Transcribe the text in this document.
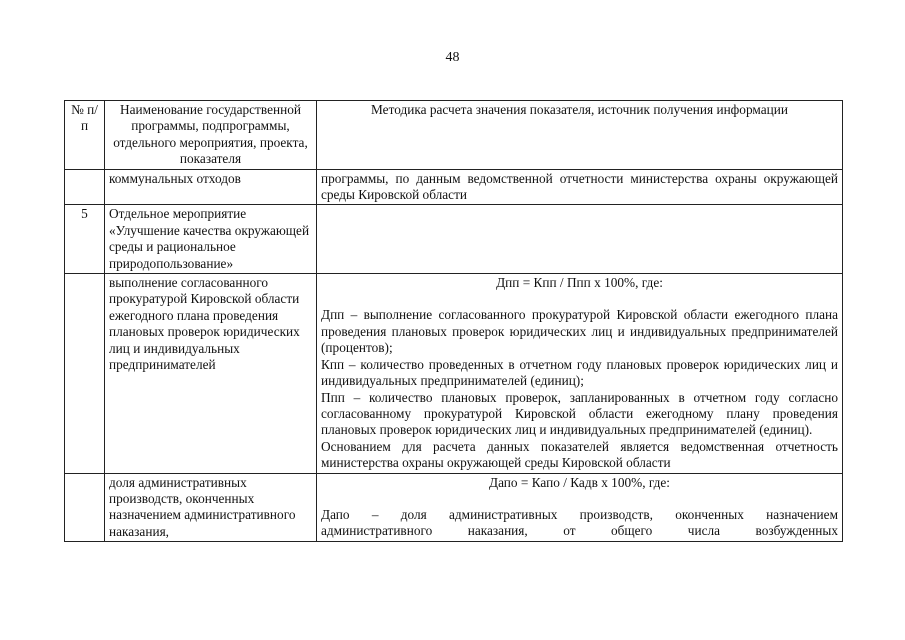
48
№ п/п	Наименование государственной программы, подпрограммы, отдельного мероприятия, проекта, показателя	Методика расчета значения показателя, источник получения информации
	коммунальных отходов	программы, по данным ведомственной отчетности министерства охраны окружающей среды Кировской области
5	Отдельное мероприятие «Улучшение качества окружающей среды и рациональное природопользование»	
	выполнение согласованного прокуратурой Кировской области ежегодного плана проведения плановых проверок юридических лиц и индивидуальных предпринимателей	Дпп = Кпп / Ппп х 100%, где:

Дпп – выполнение согласованного прокуратурой Кировской области ежегодного плана проведения плановых проверок юридических лиц и индивидуальных предпринимателей (процентов);

Кпп – количество проведенных в отчетном году плановых проверок юридических лиц и индивидуальных предпринимателей (единиц);

Ппп – количество плановых проверок, запланированных в отчетном году согласно согласованному прокуратурой Кировской области ежегодному плану проведения плановых проверок юридических лиц и индивидуальных предпринимателей (единиц).

Основанием для расчета данных показателей является ведомственная отчетность министерства охраны окружающей среды Кировской области

	доля административных производств, оконченных назначением административного наказания,	Дапо = Капо / Кадв х 100%, где:

Дапо – доля административных производств, оконченных назначением административного наказания, от общего числа возбужденных
